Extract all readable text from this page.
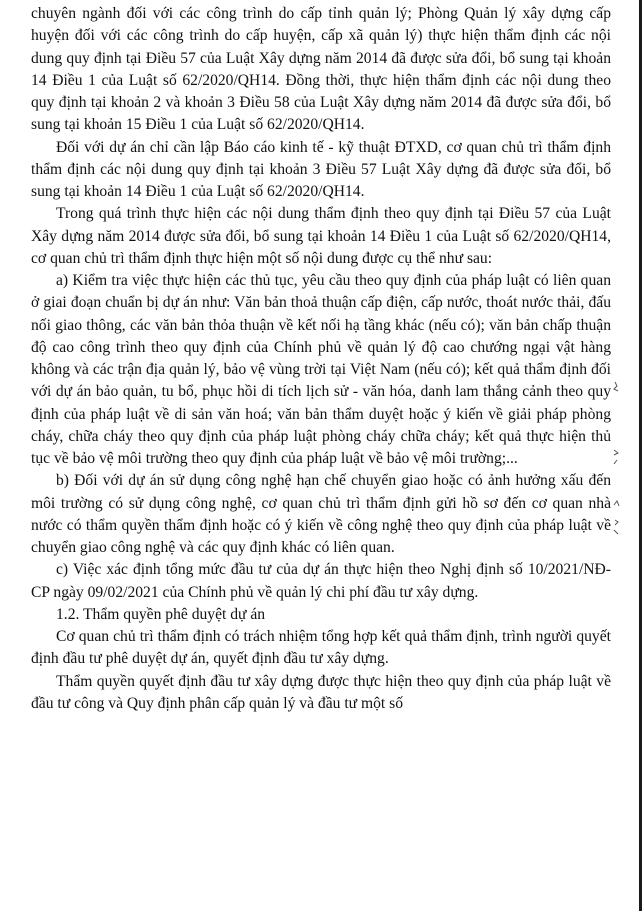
chuyên ngành đối với các công trình do cấp tỉnh quản lý; Phòng Quản lý xây dựng cấp huyện đối với các công trình do cấp huyện, cấp xã quản lý) thực hiện thẩm định các nội dung quy định tại Điều 57 của Luật Xây dựng năm 2014 đã được sửa đổi, bổ sung tại khoản 14 Điều 1 của Luật số 62/2020/QH14. Đồng thời, thực hiện thẩm định các nội dung theo quy định tại khoản 2 và khoản 3 Điều 58 của Luật Xây dựng năm 2014 đã được sửa đổi, bổ sung tại khoản 15 Điều 1 của Luật số 62/2020/QH14.

Đối với dự án chỉ cần lập Báo cáo kinh tế - kỹ thuật ĐTXD, cơ quan chủ trì thẩm định thẩm định các nội dung quy định tại khoản 3 Điều 57 Luật Xây dựng đã được sửa đổi, bổ sung tại khoản 14 Điều 1 của Luật số 62/2020/QH14.

Trong quá trình thực hiện các nội dung thẩm định theo quy định tại Điều 57 của Luật Xây dựng năm 2014 được sửa đổi, bổ sung tại khoản 14 Điều 1 của Luật số 62/2020/QH14, cơ quan chủ trì thẩm định thực hiện một số nội dung được cụ thể như sau:

a) Kiểm tra việc thực hiện các thủ tục, yêu cầu theo quy định của pháp luật có liên quan ở giai đoạn chuẩn bị dự án như: Văn bản thoả thuận cấp điện, cấp nước, thoát nước thải, đấu nối giao thông, các văn bản thỏa thuận về kết nối hạ tầng khác (nếu có); văn bản chấp thuận độ cao công trình theo quy định của Chính phủ về quản lý độ cao chướng ngại vật hàng không và các trận địa quản lý, bảo vệ vùng trời tại Việt Nam (nếu có); kết quả thẩm định đối với dự án bảo quản, tu bổ, phục hồi di tích lịch sử - văn hóa, danh lam thắng cảnh theo quy định của pháp luật về di sản văn hoá; văn bản thẩm duyệt hoặc ý kiến về giải pháp phòng cháy, chữa cháy theo quy định của pháp luật phòng cháy chữa cháy; kết quả thực hiện thủ tục về bảo vệ môi trường theo quy định của pháp luật về bảo vệ môi trường;...

b) Đối với dự án sử dụng công nghệ hạn chế chuyển giao hoặc có ảnh hưởng xấu đến môi trường có sử dụng công nghệ, cơ quan chủ trì thẩm định gửi hồ sơ đến cơ quan nhà nước có thẩm quyền thẩm định hoặc có ý kiến về công nghệ theo quy định của pháp luật về chuyển giao công nghệ và các quy định khác có liên quan.

c) Việc xác định tổng mức đầu tư của dự án thực hiện theo Nghị định số 10/2021/NĐ-CP ngày 09/02/2021 của Chính phủ về quản lý chi phí đầu tư xây dựng.

1.2. Thẩm quyền phê duyệt dự án

Cơ quan chủ trì thẩm định có trách nhiệm tổng hợp kết quả thẩm định, trình người quyết định đầu tư phê duyệt dự án, quyết định đầu tư xây dựng.

Thẩm quyền quyết định đầu tư xây dựng được thực hiện theo quy định của pháp luật về đầu tư công và Quy định phân cấp quản lý và đầu tư một số
